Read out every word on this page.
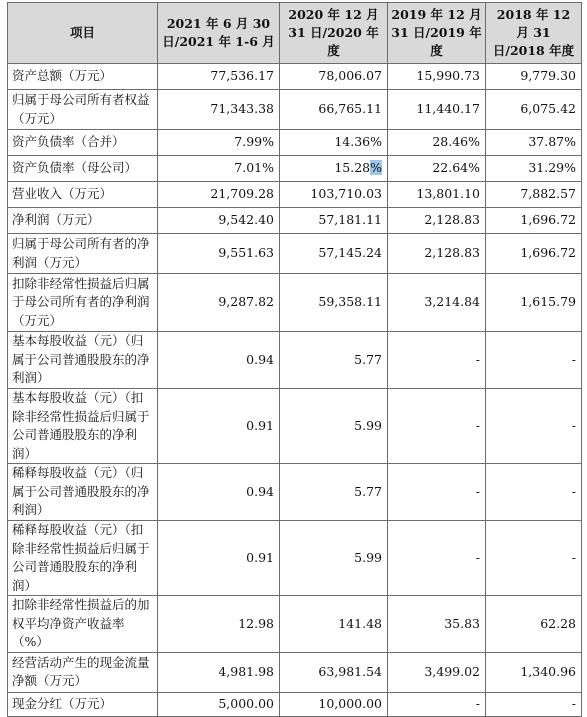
项目	2021 年 6 月 30 日/2021 年 1-6 月	2020 年 12 月 31 日/2020 年度	2019 年 12 月 31 日/2019 年度	2018 年 12 月 31 日/2018 年度
资产总额（万元）	77,536.17	78,006.07	15,990.73	9,779.30
归属于母公司所有者权益（万元）	71,343.38	66,765.11	11,440.17	6,075.42
资产负债率（合并）	7.99%	14.36%	28.46%	37.87%
资产负债率（母公司）	7.01%	15.28%	22.64%	31.29%
营业收入（万元）	21,709.28	103,710.03	13,801.10	7,882.57
净利润（万元）	9,542.40	57,181.11	2,128.83	1,696.72
归属于母公司所有者的净利润（万元）	9,551.63	57,145.24	2,128.83	1,696.72
扣除非经常性损益后归属于母公司所有者的净利润（万元）	9,287.82	59,358.11	3,214.84	1,615.79
基本每股收益（元）（归属于公司普通股股东的净利润）	0.94	5.77	-	-
基本每股收益（元）（扣除非经常性损益后归属于公司普通股股东的净利润）	0.91	5.99	-	-
稀释每股收益（元）（归属于公司普通股股东的净利润）	0.94	5.77	-	-
稀释每股收益（元）（扣除非经常性损益后归属于公司普通股股东的净利润）	0.91	5.99	-	-
扣除非经常性损益后的加权平均净资产收益率（%）	12.98	141.48	35.83	62.28
经营活动产生的现金流量净额（万元）	4,981.98	63,981.54	3,499.02	1,340.96
现金分红（万元）	5,000.00	10,000.00	-	-
